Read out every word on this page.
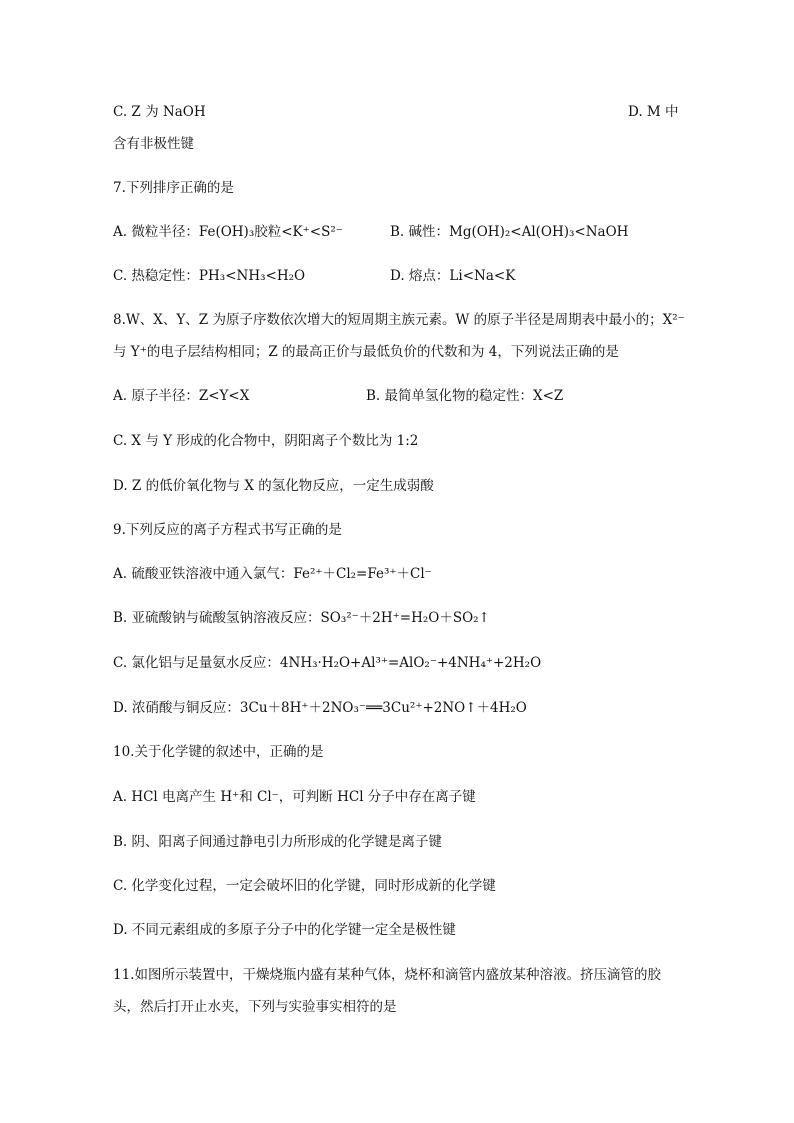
C. Z 为 NaOH	D. M 中
含有非极性键
7.下列排序正确的是
A. 微粒半径：Fe(OH)₃胶粒<K⁺<S²⁻	B. 碱性：Mg(OH)₂<Al(OH)₃<NaOH
C. 热稳定性：PH₃<NH₃<H₂O	D. 熔点：Li<Na<K
8.W、X、Y、Z 为原子序数依次增大的短周期主族元素。W 的原子半径是周期表中最小的；X²⁻
与 Y⁺的电子层结构相同；Z 的最高正价与最低负价的代数和为 4，下列说法正确的是
A. 原子半径：Z<Y<X	B. 最简单氢化物的稳定性：X<Z
C. X 与 Y 形成的化合物中，阴阳离子个数比为 1:2
D. Z 的低价氧化物与 X 的氢化物反应，一定生成弱酸
9.下列反应的离子方程式书写正确的是
A. 硫酸亚铁溶液中通入氯气：Fe²⁺＋Cl₂=Fe³⁺＋Cl⁻
B. 亚硫酸钠与硫酸氢钠溶液反应：SO₃²⁻＋2H⁺=H₂O＋SO₂↑
C. 氯化铝与足量氨水反应：4NH₃·H₂O+Al³⁺=AlO₂⁻+4NH₄⁺+2H₂O
D. 浓硝酸与铜反应：3Cu＋8H⁺＋2NO₃⁻══3Cu²⁺+2NO↑＋4H₂O
10.关于化学键的叙述中，正确的是
A. HCl 电离产生 H⁺和 Cl⁻，可判断 HCl 分子中存在离子键
B. 阴、阳离子间通过静电引力所形成的化学键是离子键
C. 化学变化过程，一定会破坏旧的化学键，同时形成新的化学键
D. 不同元素组成的多原子分子中的化学键一定全是极性键
11.如图所示装置中，干燥烧瓶内盛有某种气体，烧杯和滴管内盛放某种溶液。挤压滴管的胶
头，然后打开止水夹，下列与实验事实相符的是
